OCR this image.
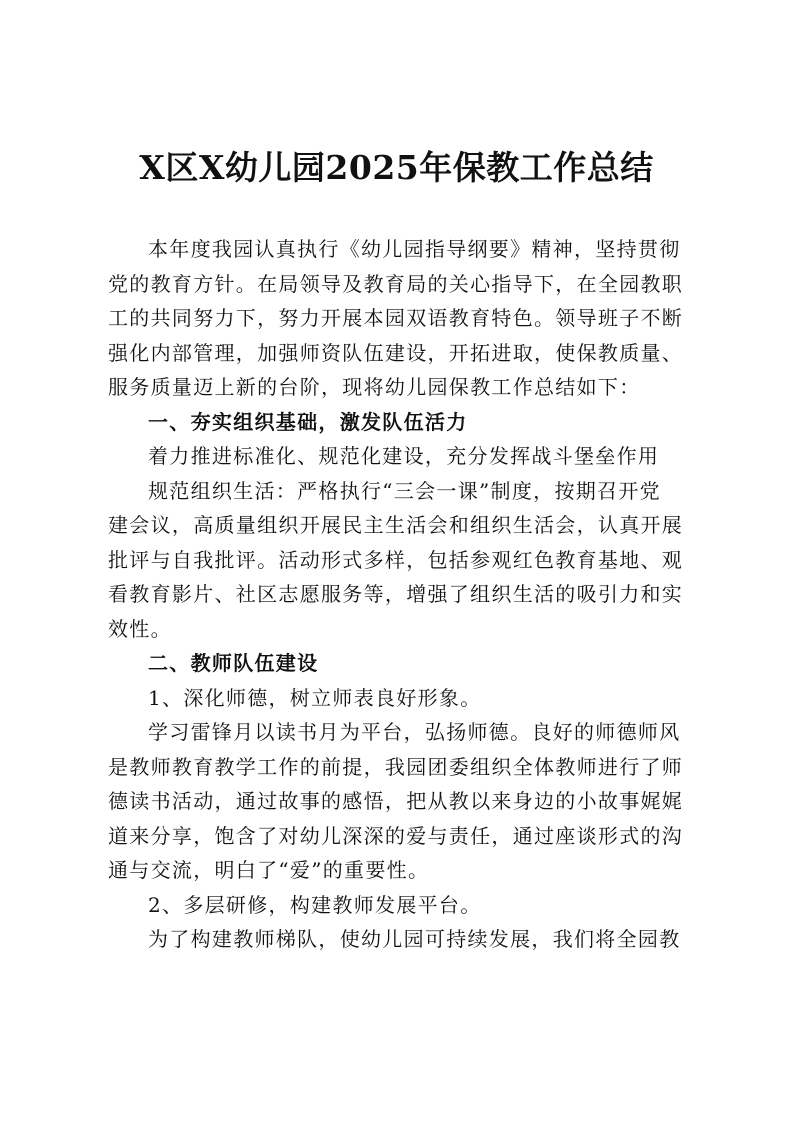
X区X幼儿园2025年保教工作总结

本年度我园认真执行《幼儿园指导纲要》精神，坚持贯彻

党的教育方针。在局领导及教育局的关心指导下，在全园教职
工的共同努力下，努力开展本园双语教育特色。领导班子不断
强化内部管理，加强师资队伍建设，开拓进取，使保教质量、
服务质量迈上新的台阶，现将幼儿园保教工作总结如下：

一、夯实组织基础，激发队伍活力

着力推进标准化、规范化建设，充分发挥战斗堡垒作用

规范组织生活：严格执行“三会一课”制度，按期召开党

建会议，高质量组织开展民主生活会和组织生活会，认真开展
批评与自我批评。活动形式多样，包括参观红色教育基地、观
看教育影片、社区志愿服务等，增强了组织生活的吸引力和实
效性。

二、教师队伍建设

1、深化师德，树立师表良好形象。

学习雷锋月以读书月为平台，弘扬师德。良好的师德师风

是教师教育教学工作的前提，我园团委组织全体教师进行了师
德读书活动，通过故事的感悟，把从教以来身边的小故事娓娓
道来分享，饱含了对幼儿深深的爱与责任，通过座谈形式的沟
通与交流，明白了“爱”的重要性。

2、多层研修，构建教师发展平台。

为了构建教师梯队，使幼儿园可持续发展，我们将全园教
